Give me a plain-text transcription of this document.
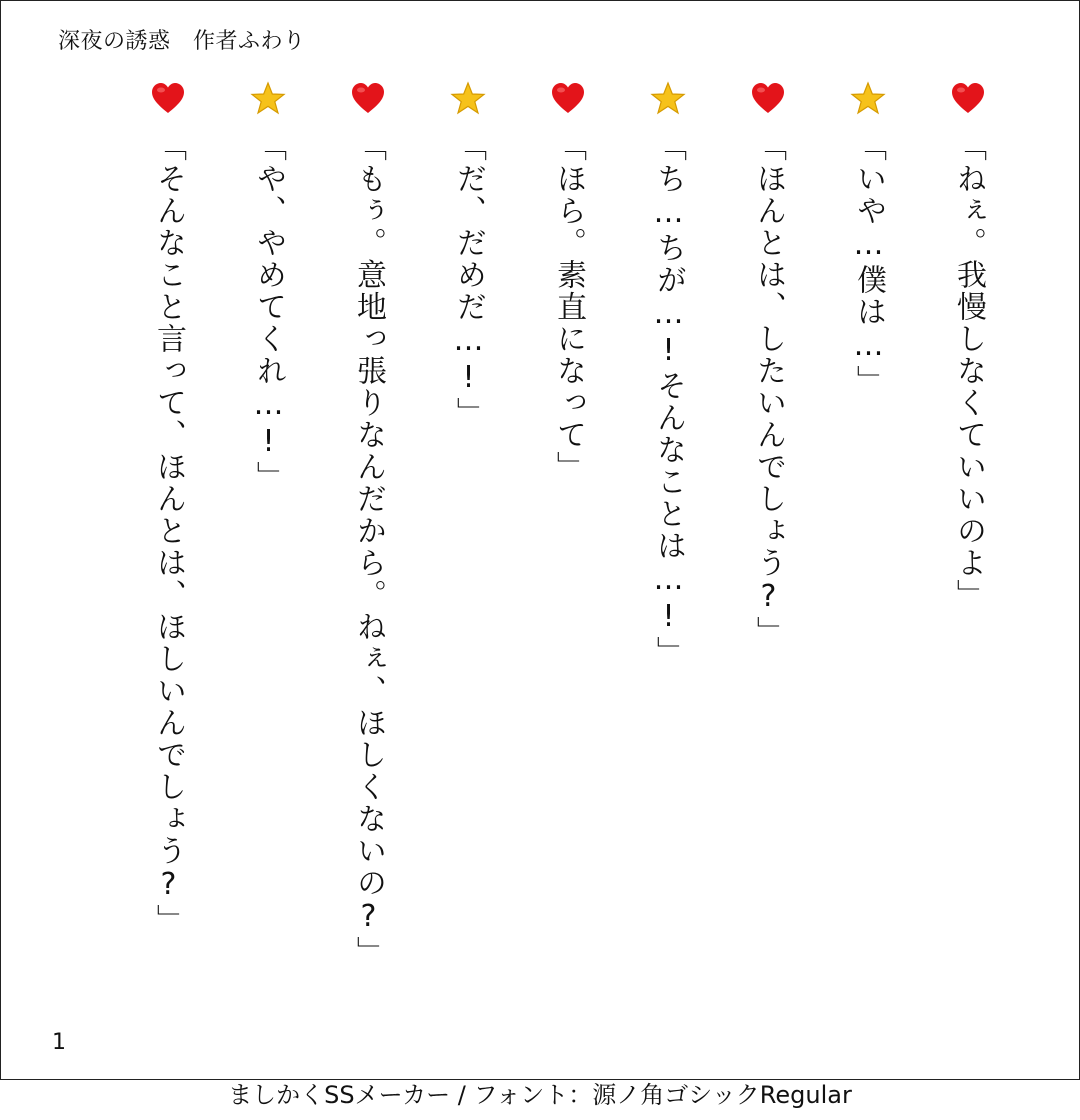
深夜の誘惑　作者ふわり
「ねぇ。我慢しなくていいのよ」
「いや…僕は…」
「ほんとは、したいんでしょう?」
「ち…ちが…!そんなことは…!」
「ほら。素直になって」
「だ、だめだ…!」
「もぅ。意地っ張りなんだから。ねぇ、ほしくないの?」
「や、やめてくれ…!」
「そんなこと言って、ほんとは、ほしいんでしょう?」
1
ましかくSSメーカー / フォント：源ノ角ゴシックRegular
